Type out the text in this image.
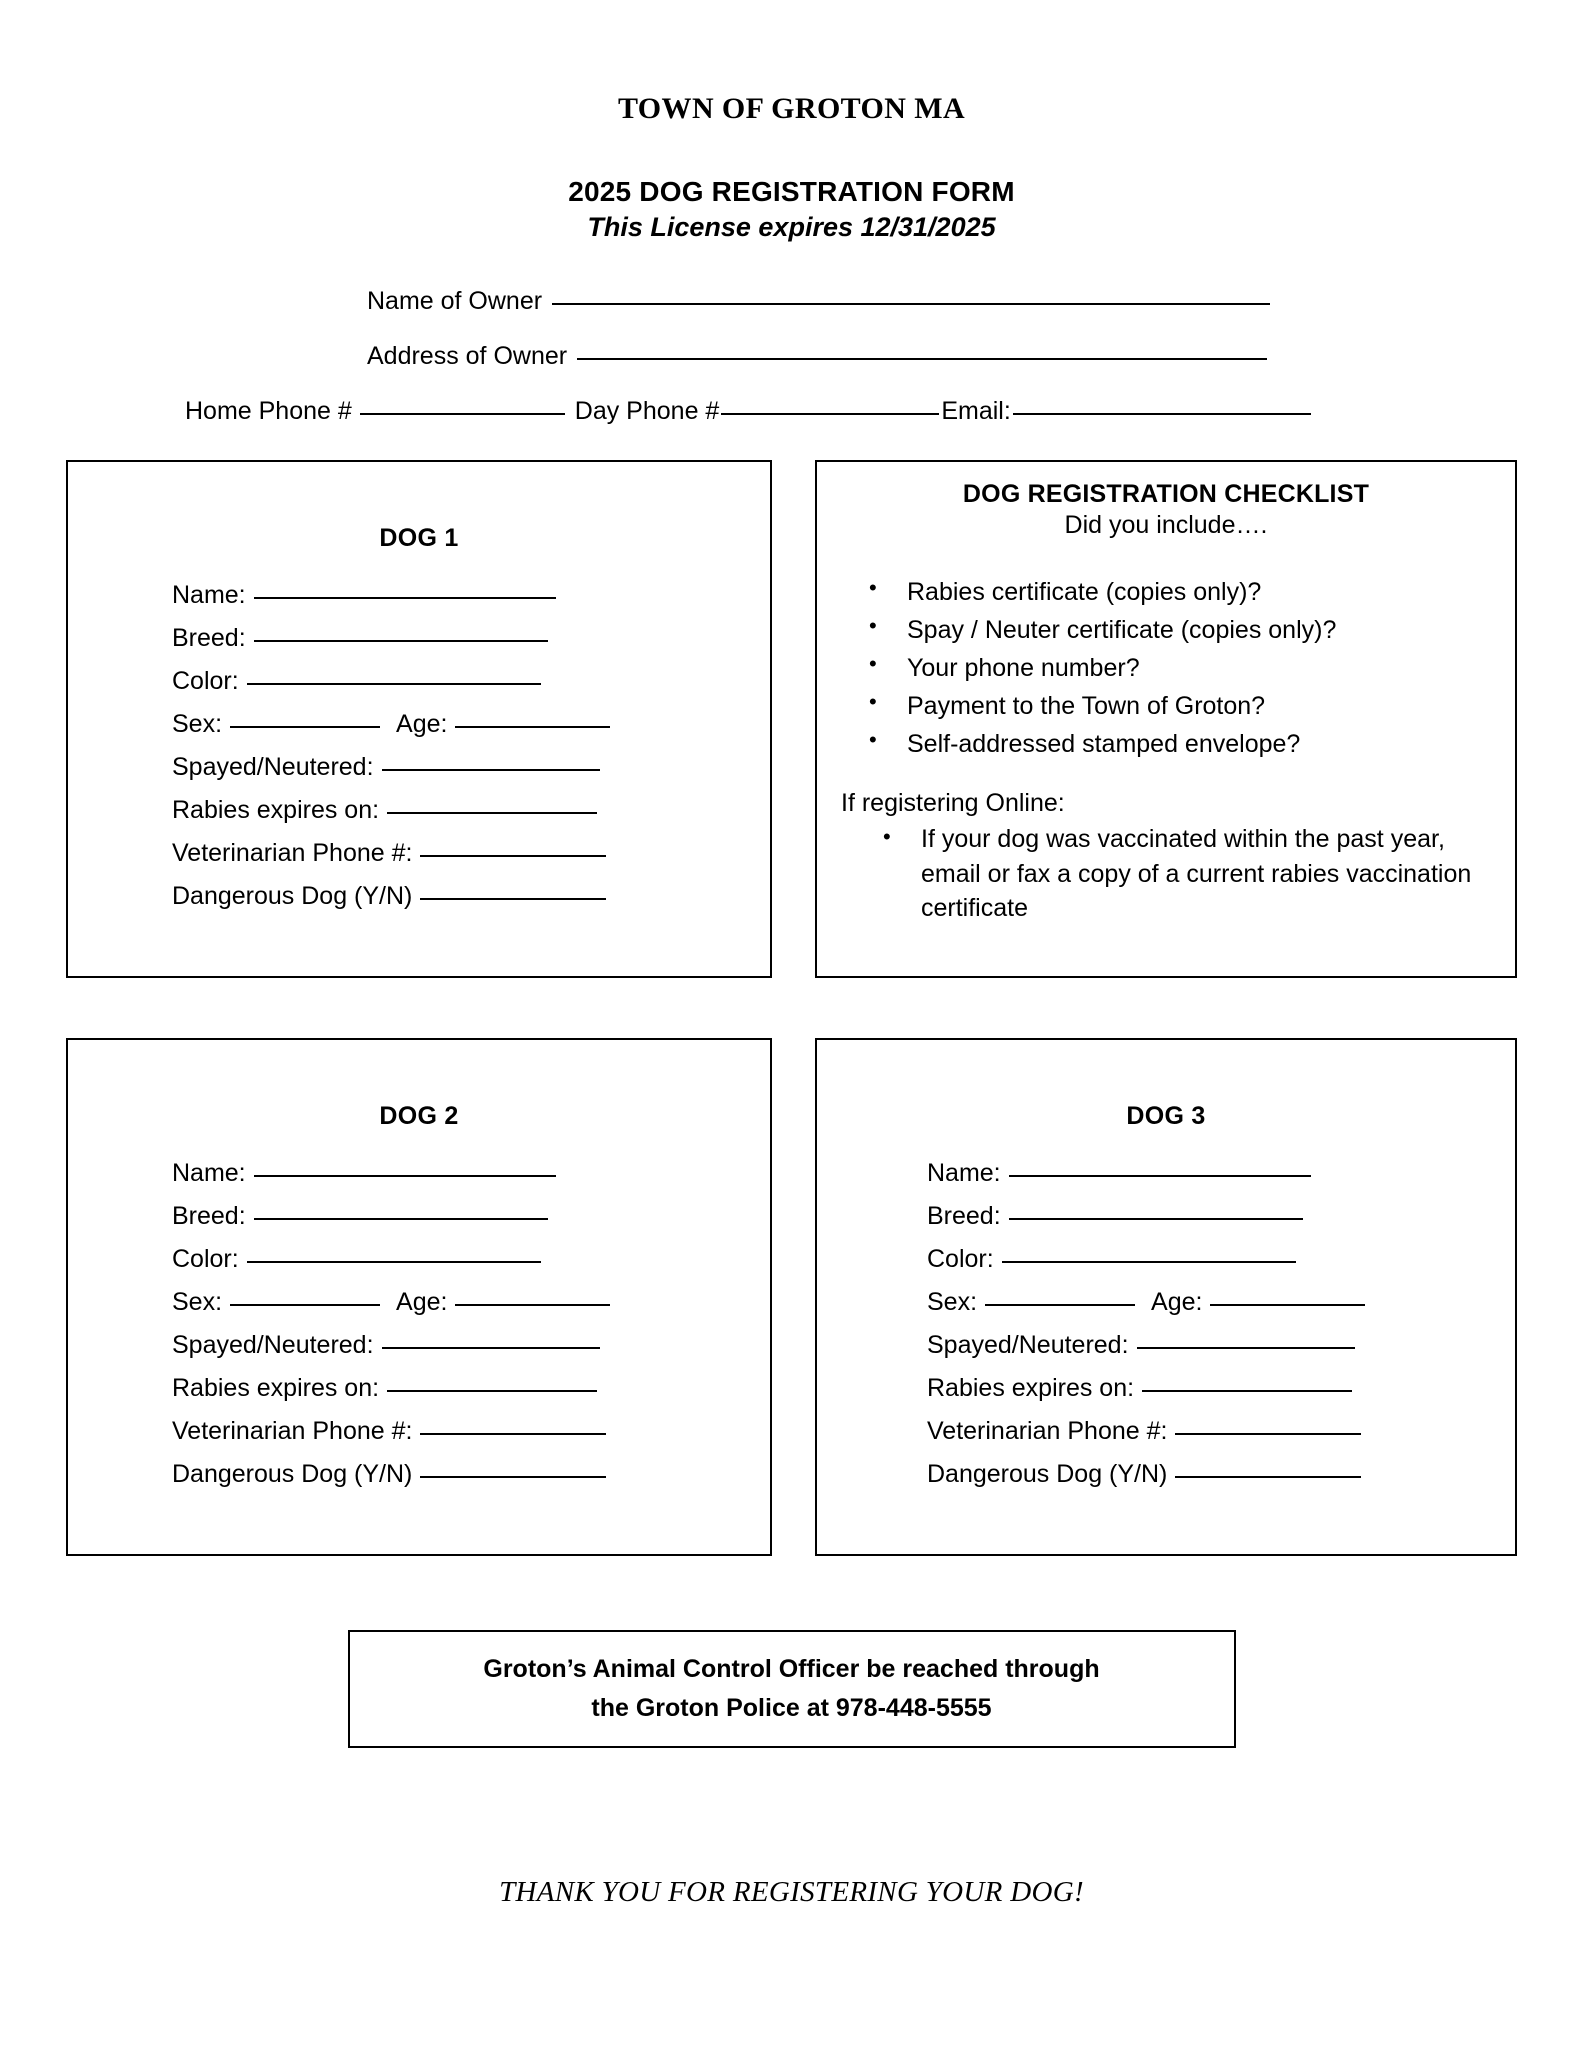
TOWN OF GROTON MA
2025 DOG REGISTRATION FORM
This License expires 12/31/2025
Name of Owner
Address of Owner
Home Phone #	Day Phone #	Email:
DOG 1
Name:
Breed:
Color:
Sex:	Age:
Spayed/Neutered:
Rabies expires on:
Veterinarian Phone #:
Dangerous Dog (Y/N)
DOG REGISTRATION CHECKLIST
Did you include….
• Rabies certificate (copies only)?
• Spay / Neuter certificate (copies only)?
• Your phone number?
• Payment to the Town of Groton?
• Self-addressed stamped envelope?
If registering Online:
• If your dog was vaccinated within the past year, email or fax a copy of a current rabies vaccination certificate
DOG 2
Name:
Breed:
Color:
Sex:	Age:
Spayed/Neutered:
Rabies expires on:
Veterinarian Phone #:
Dangerous Dog (Y/N)
DOG 3
Name:
Breed:
Color:
Sex:	Age:
Spayed/Neutered:
Rabies expires on:
Veterinarian Phone #:
Dangerous Dog (Y/N)
Groton’s Animal Control Officer be reached through
the Groton Police at 978-448-5555
THANK YOU FOR REGISTERING YOUR DOG!
